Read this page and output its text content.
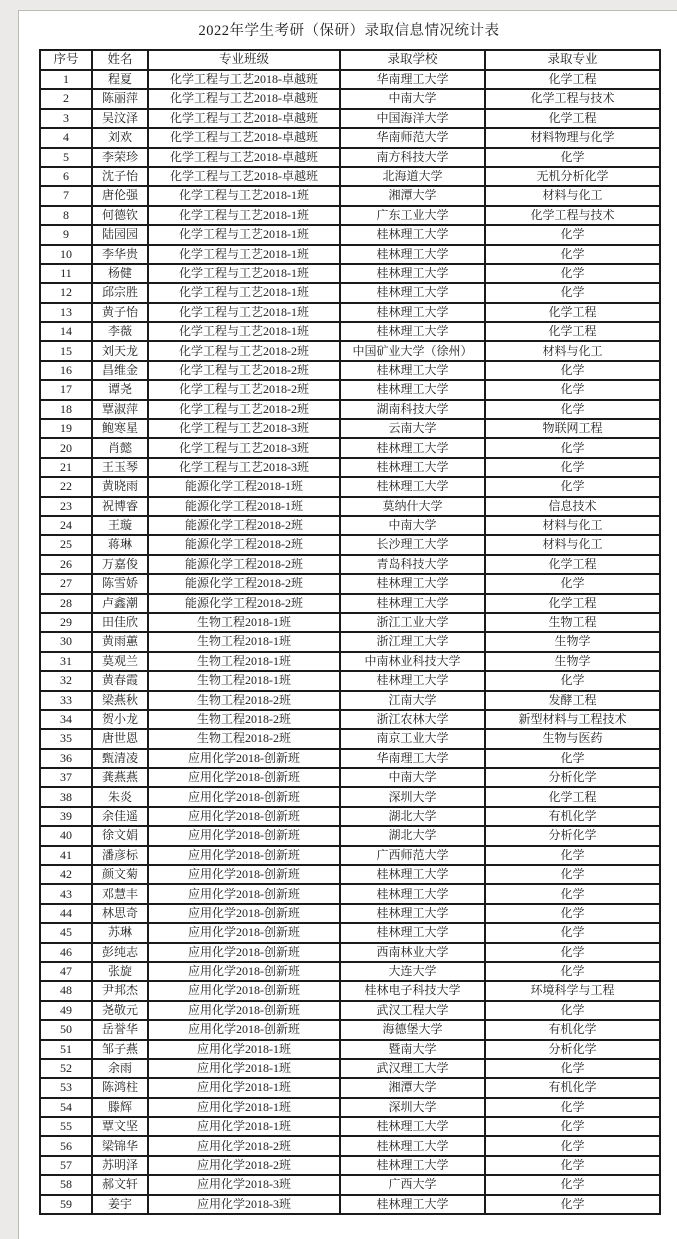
2022年学生考研（保研）录取信息情况统计表
序号	姓名	专业班级	录取学校	录取专业
1	程夏	化学工程与工艺2018-卓越班	华南理工大学	化学工程
2	陈丽萍	化学工程与工艺2018-卓越班	中南大学	化学工程与技术
3	吴汶泽	化学工程与工艺2018-卓越班	中国海洋大学	化学工程
4	刘欢	化学工程与工艺2018-卓越班	华南师范大学	材料物理与化学
5	李荣珍	化学工程与工艺2018-卓越班	南方科技大学	化学
6	沈子怡	化学工程与工艺2018-卓越班	北海道大学	无机分析化学
7	唐伦强	化学工程与工艺2018-1班	湘潭大学	材料与化工
8	何德钦	化学工程与工艺2018-1班	广东工业大学	化学工程与技术
9	陆园园	化学工程与工艺2018-1班	桂林理工大学	化学
10	李华贵	化学工程与工艺2018-1班	桂林理工大学	化学
11	杨健	化学工程与工艺2018-1班	桂林理工大学	化学
12	邱宗胜	化学工程与工艺2018-1班	桂林理工大学	化学
13	黄子怡	化学工程与工艺2018-1班	桂林理工大学	化学工程
14	李薇	化学工程与工艺2018-1班	桂林理工大学	化学工程
15	刘天龙	化学工程与工艺2018-2班	中国矿业大学（徐州）	材料与化工
16	昌维金	化学工程与工艺2018-2班	桂林理工大学	化学
17	谭尧	化学工程与工艺2018-2班	桂林理工大学	化学
18	覃淑萍	化学工程与工艺2018-2班	湖南科技大学	化学
19	鲍寒星	化学工程与工艺2018-3班	云南大学	物联网工程
20	肖懿	化学工程与工艺2018-3班	桂林理工大学	化学
21	王玉琴	化学工程与工艺2018-3班	桂林理工大学	化学
22	黄晓雨	能源化学工程2018-1班	桂林理工大学	化学
23	祝博睿	能源化学工程2018-1班	莫纳什大学	信息技术
24	王璇	能源化学工程2018-2班	中南大学	材料与化工
25	蒋琳	能源化学工程2018-2班	长沙理工大学	材料与化工
26	万嘉俊	能源化学工程2018-2班	青岛科技大学	化学工程
27	陈雪娇	能源化学工程2018-2班	桂林理工大学	化学
28	卢鑫潮	能源化学工程2018-2班	桂林理工大学	化学工程
29	田佳欣	生物工程2018-1班	浙江工业大学	生物工程
30	黄雨蕙	生物工程2018-1班	浙江理工大学	生物学
31	莫观兰	生物工程2018-1班	中南林业科技大学	生物学
32	黄春霞	生物工程2018-1班	桂林理工大学	化学
33	梁燕秋	生物工程2018-2班	江南大学	发酵工程
34	贺小龙	生物工程2018-2班	浙江农林大学	新型材料与工程技术
35	唐世恩	生物工程2018-2班	南京工业大学	生物与医药
36	甄清凌	应用化学2018-创新班	华南理工大学	化学
37	龚燕燕	应用化学2018-创新班	中南大学	分析化学
38	朱炎	应用化学2018-创新班	深圳大学	化学工程
39	余佳遥	应用化学2018-创新班	湖北大学	有机化学
40	徐文娟	应用化学2018-创新班	湖北大学	分析化学
41	潘彦标	应用化学2018-创新班	广西师范大学	化学
42	颜文菊	应用化学2018-创新班	桂林理工大学	化学
43	邓慧丰	应用化学2018-创新班	桂林理工大学	化学
44	林思奇	应用化学2018-创新班	桂林理工大学	化学
45	苏琳	应用化学2018-创新班	桂林理工大学	化学
46	彭纯志	应用化学2018-创新班	西南林业大学	化学
47	张旋	应用化学2018-创新班	大连大学	化学
48	尹邦杰	应用化学2018-创新班	桂林电子科技大学	环境科学与工程
49	尧敬元	应用化学2018-创新班	武汉工程大学	化学
50	岳誉华	应用化学2018-创新班	海德堡大学	有机化学
51	邹子燕	应用化学2018-1班	暨南大学	分析化学
52	余雨	应用化学2018-1班	武汉理工大学	化学
53	陈鸿柱	应用化学2018-1班	湘潭大学	有机化学
54	滕辉	应用化学2018-1班	深圳大学	化学
55	覃文坚	应用化学2018-1班	桂林理工大学	化学
56	梁锦华	应用化学2018-2班	桂林理工大学	化学
57	苏明泽	应用化学2018-2班	桂林理工大学	化学
58	郝文轩	应用化学2018-3班	广西大学	化学
59	姜宇	应用化学2018-3班	桂林理工大学	化学
